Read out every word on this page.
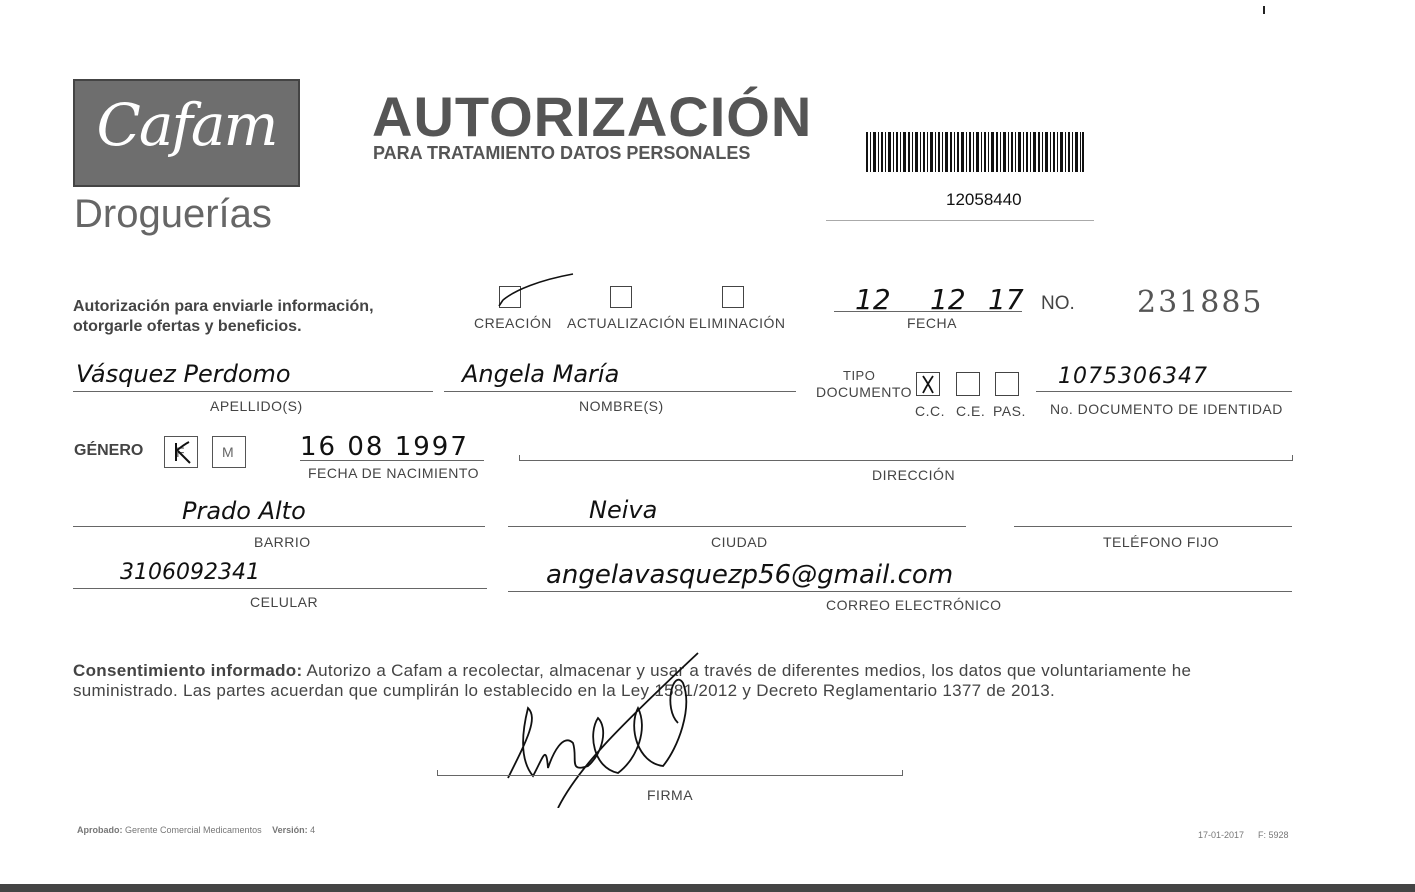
Cafam
Droguerías
AUTORIZACIÓN
PARA TRATAMIENTO DATOS PERSONALES
12058440
Autorización para enviarle información,
otorgarle ofertas y beneficios.	CREACIÓN ACTUALIZACIÓN ELIMINACIÓN
12 12 17
FECHA
NO. 231885
Vásquez Perdomo
APELLIDO(S)
Angela María
NOMBRE(S)
TIPO
DOCUMENTO
C.C. C.E. PAS.
1075306347
No. DOCUMENTO DE IDENTIDAD
GÉNERO F	M	16 08 1997
FECHA DE NACIMIENTO	DIRECCIÓN
Prado Alto
BARRIO
Neiva
CIUDAD	TELÉFONO FIJO
3106092341
CELULAR
angelavasquezp56@gmail.com
CORREO ELECTRÓNICO
Consentimiento informado: Autorizo a Cafam a recolectar, almacenar y usar a través de diferentes medios, los datos que voluntariamente he suministrado. Las partes acuerdan que cumplirán lo establecido en la Ley 1581/2012 y Decreto Reglamentario 1377 de 2013.
FIRMA
Aprobado: Gerente Comercial Medicamentos Versión: 4	17-01-2017 F: 5928
